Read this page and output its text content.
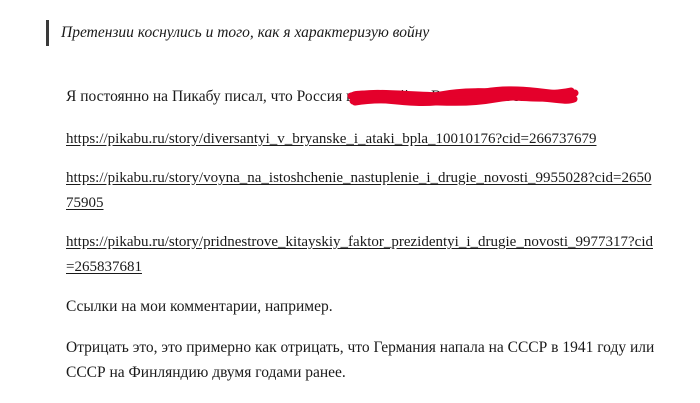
Претензии коснулись и того, как я характеризую войну

Я постоянно на Пикабу писал, что Россия ведет войну. Вот же новость то.

https://pikabu.ru/story/diversantyi_v_bryanske_i_ataki_bpla_10010176?cid=266737679

https://pikabu.ru/story/voyna_na_istoshchenie_nastuplenie_i_drugie_novosti_9955028?cid=265075905

https://pikabu.ru/story/pridnestrove_kitayskiy_faktor_prezidentyi_i_drugie_novosti_9977317?cid=265837681

Ссылки на мои комментарии, например.

Отрицать это, это примерно как отрицать, что Германия напала на СССР в 1941 году или СССР на Финляндию двумя годами ранее.
